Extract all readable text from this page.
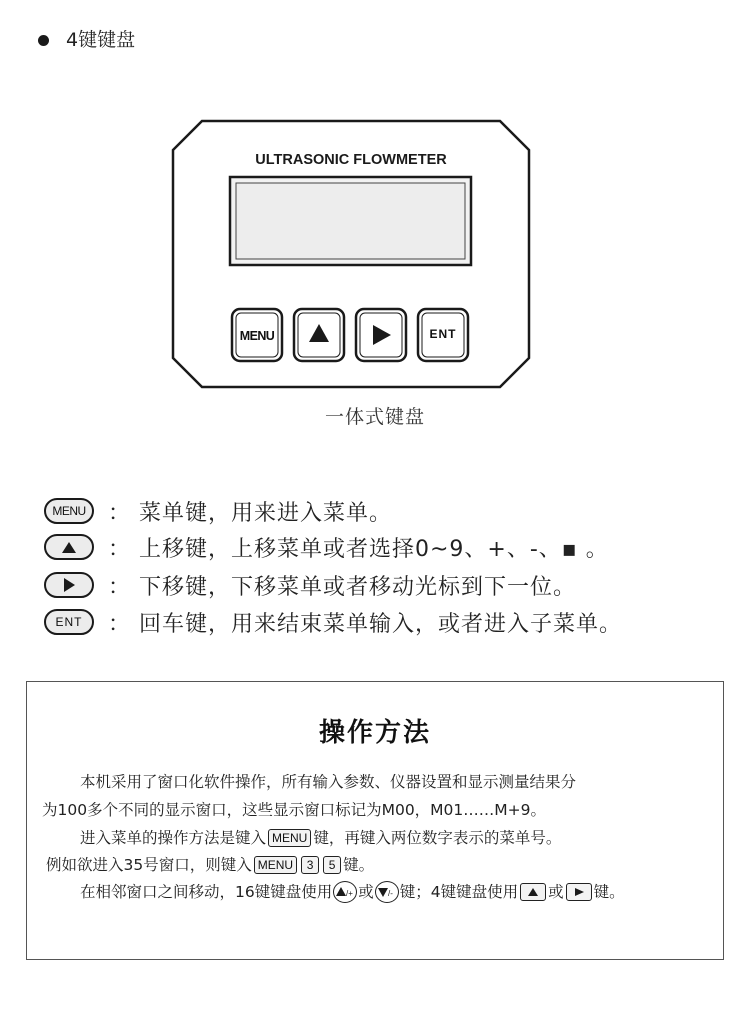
4键键盘
ULTRASONIC FLOWMETER
MENU	ENT
一体式键盘
MENU	： 菜单键，用来进入菜单。
： 上移键，上移菜单或者选择0~9、+、-、▪ 。
： 下移键，下移菜单或者移动光标到下一位。
ENT	： 回车键，用来结束菜单输入，或者进入子菜单。
操作方法
本机采用了窗口化软件操作，所有输入参数、仪器设置和显示测量结果分
为100多个不同的显示窗口，这些显示窗口标记为M00，M01……M+9。
进入菜单的操作方法是键入 MENU 键，再键入两位数字表示的菜单号。
例如欲进入35号窗口，则键入 MENU	3	5 键。
在相邻窗口之间移动，16键键盘使用 /+ 或 /- 键；4键键盘使用 或 键。
